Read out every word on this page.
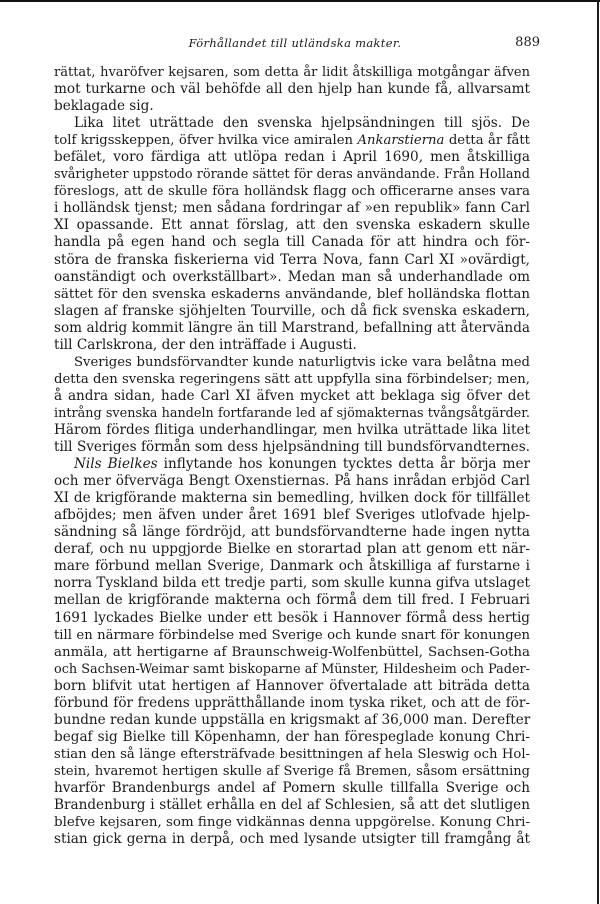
Förhållandet till utländska makter.	889
rättat, hvaröfver kejsaren, som detta år lidit åtskilliga motgångar äfven
mot turkarne och väl behöfde all den hjelp han kunde få, allvarsamt
beklagade sig.
Lika litet uträttade den svenska hjelpsändningen till sjös. De
tolf krigsskeppen, öfver hvilka vice amiralen Ankarstierna detta år fått
befälet, voro färdiga att utlöpa redan i April 1690, men åtskilliga
svårigheter uppstodo rörande sättet för deras användande. Från Holland
föreslogs, att de skulle föra holländsk flagg och officerarne anses vara
i holländsk tjenst; men sådana fordringar af »en republik» fann Carl
XI opassande. Ett annat förslag, att den svenska eskadern skulle
handla på egen hand och segla till Canada för att hindra och för-
störa de franska fiskerierna vid Terra Nova, fann Carl XI »ovärdigt,
oanständigt och overkställbart». Medan man så underhandlade om
sättet för den svenska eskaderns användande, blef holländska flottan
slagen af franske sjöhjelten Tourville, och då fick svenska eskadern,
som aldrig kommit längre än till Marstrand, befallning att återvända
till Carlskrona, der den inträffade i Augusti.
Sveriges bundsförvandter kunde naturligtvis icke vara belåtna med
detta den svenska regeringens sätt att uppfylla sina förbindelser; men,
å andra sidan, hade Carl XI äfven mycket att beklaga sig öfver det
intrång svenska handeln fortfarande led af sjömakternas tvångsåtgärder.
Härom fördes flitiga underhandlingar, men hvilka uträttade lika litet
till Sveriges förmån som dess hjelpsändning till bundsförvandternes.
Nils Bielkes inflytande hos konungen tycktes detta år börja mer
och mer öfverväga Bengt Oxenstiernas. På hans inrådan erbjöd Carl
XI de krigförande makterna sin bemedling, hvilken dock för tillfället
afböjdes; men äfven under året 1691 blef Sveriges utlofvade hjelp-
sändning så länge fördröjd, att bundsförvandterne hade ingen nytta
deraf, och nu uppgjorde Bielke en storartad plan att genom ett när-
mare förbund mellan Sverige, Danmark och åtskilliga af furstarne i
norra Tyskland bilda ett tredje parti, som skulle kunna gifva utslaget
mellan de krigförande makterna och förmå dem till fred. I Februari
1691 lyckades Bielke under ett besök i Hannover förmå dess hertig
till en närmare förbindelse med Sverige och kunde snart för konungen
anmäla, att hertigarne af Braunschweig-Wolfenbüttel, Sachsen-Gotha
och Sachsen-Weimar samt biskoparne af Münster, Hildesheim och Pader-
born blifvit utat hertigen af Hannover öfvertalade att biträda detta
förbund för fredens upprätthållande inom tyska riket, och att de för-
bundne redan kunde uppställa en krigsmakt af 36,000 man. Derefter
begaf sig Bielke till Köpenhamn, der han förespeglade konung Chri-
stian den så länge eftersträfvade besittningen af hela Sleswig och Hol-
stein, hvaremot hertigen skulle af Sverige få Bremen, såsom ersättning
hvarför Brandenburgs andel af Pomern skulle tillfalla Sverige och
Brandenburg i stället erhålla en del af Schlesien, så att det slutligen
blefve kejsaren, som finge vidkännas denna uppgörelse. Konung Chri-
stian gick gerna in derpå, och med lysande utsigter till framgång åt
